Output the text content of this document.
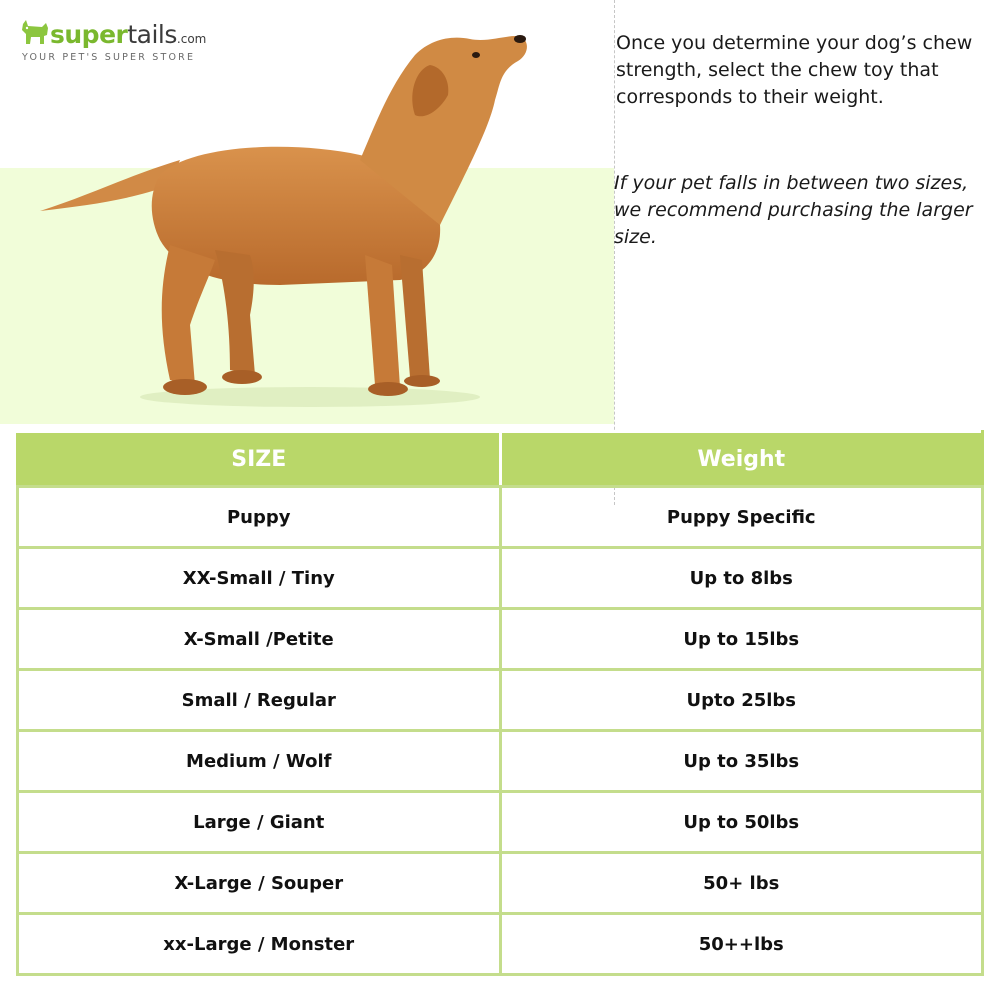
supertails.com
YOUR PET'S SUPER STORE
Once you determine your dog’s chew strength, select the chew toy that corresponds to their weight.
If your pet falls in between two sizes, we recommend purchasing the larger size.
SIZE	Weight
Puppy	Puppy Specific
XX-Small / Tiny	Up to 8lbs
X-Small /Petite	Up to 15lbs
Small / Regular	Upto 25lbs
Medium / Wolf	Up to 35lbs
Large / Giant	Up to 50lbs
X-Large / Souper	50+ lbs
xx-Large / Monster	50++lbs
